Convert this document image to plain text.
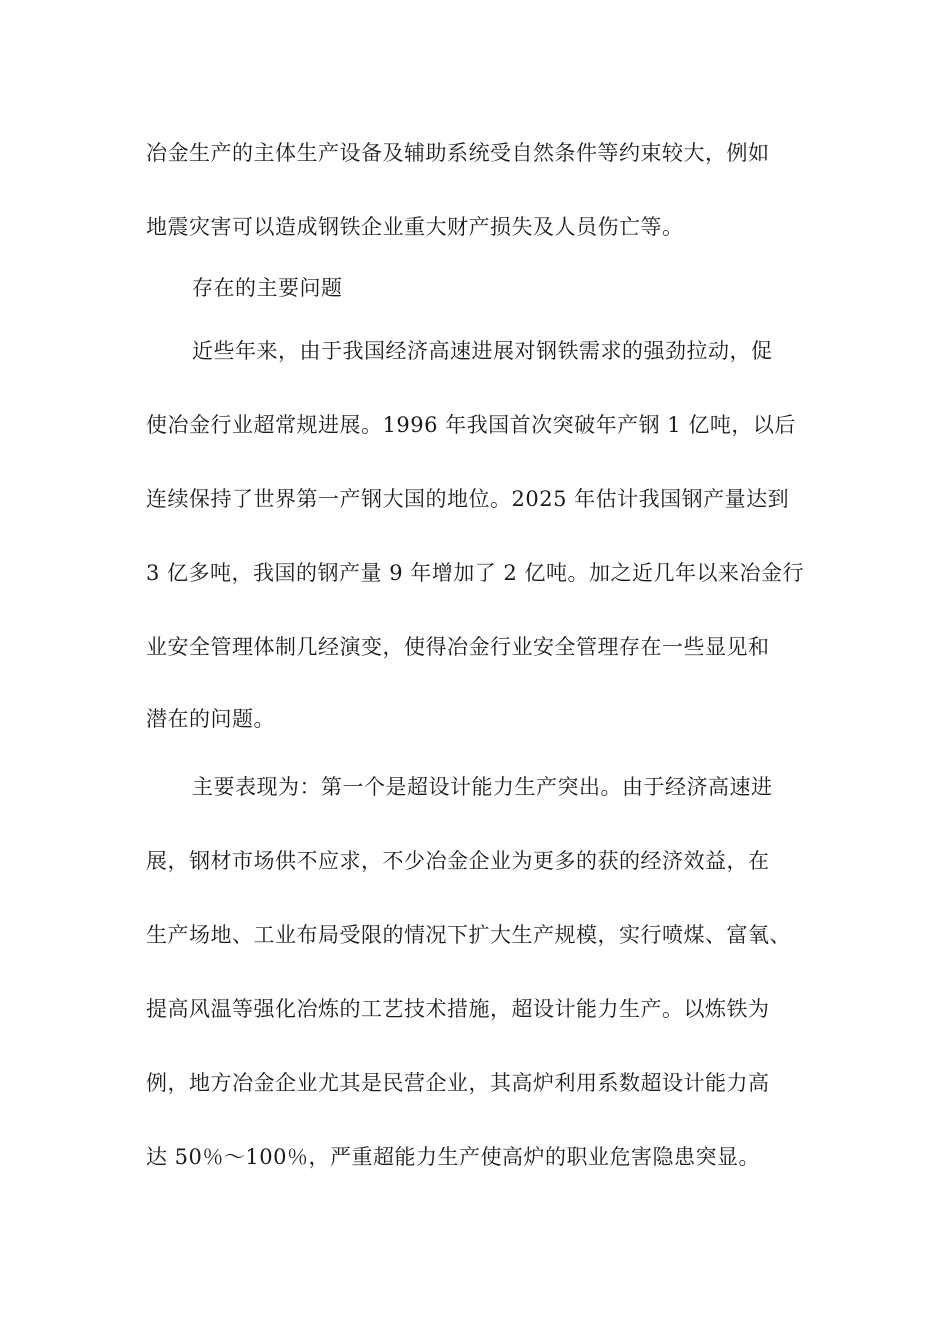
冶金生产的主体生产设备及辅助系统受自然条件等约束较大，例如
地震灾害可以造成钢铁企业重大财产损失及人员伤亡等。
存在的主要问题
近些年来，由于我国经济高速进展对钢铁需求的强劲拉动，促
使冶金行业超常规进展。1996 年我国首次突破年产钢 1 亿吨，以后
连续保持了世界第一产钢大国的地位。2025 年估计我国钢产量达到
3 亿多吨，我国的钢产量 9 年增加了 2 亿吨。加之近几年以来冶金行
业安全管理体制几经演变，使得冶金行业安全管理存在一些显见和
潜在的问题。
主要表现为：第一个是超设计能力生产突出。由于经济高速进
展，钢材市场供不应求，不少冶金企业为更多的获的经济效益，在
生产场地、工业布局受限的情况下扩大生产规模，实行喷煤、富氧、
提高风温等强化冶炼的工艺技术措施，超设计能力生产。以炼铁为
例，地方冶金企业尤其是民营企业，其高炉利用系数超设计能力高
达 50％～100％，严重超能力生产使高炉的职业危害隐患突显。
